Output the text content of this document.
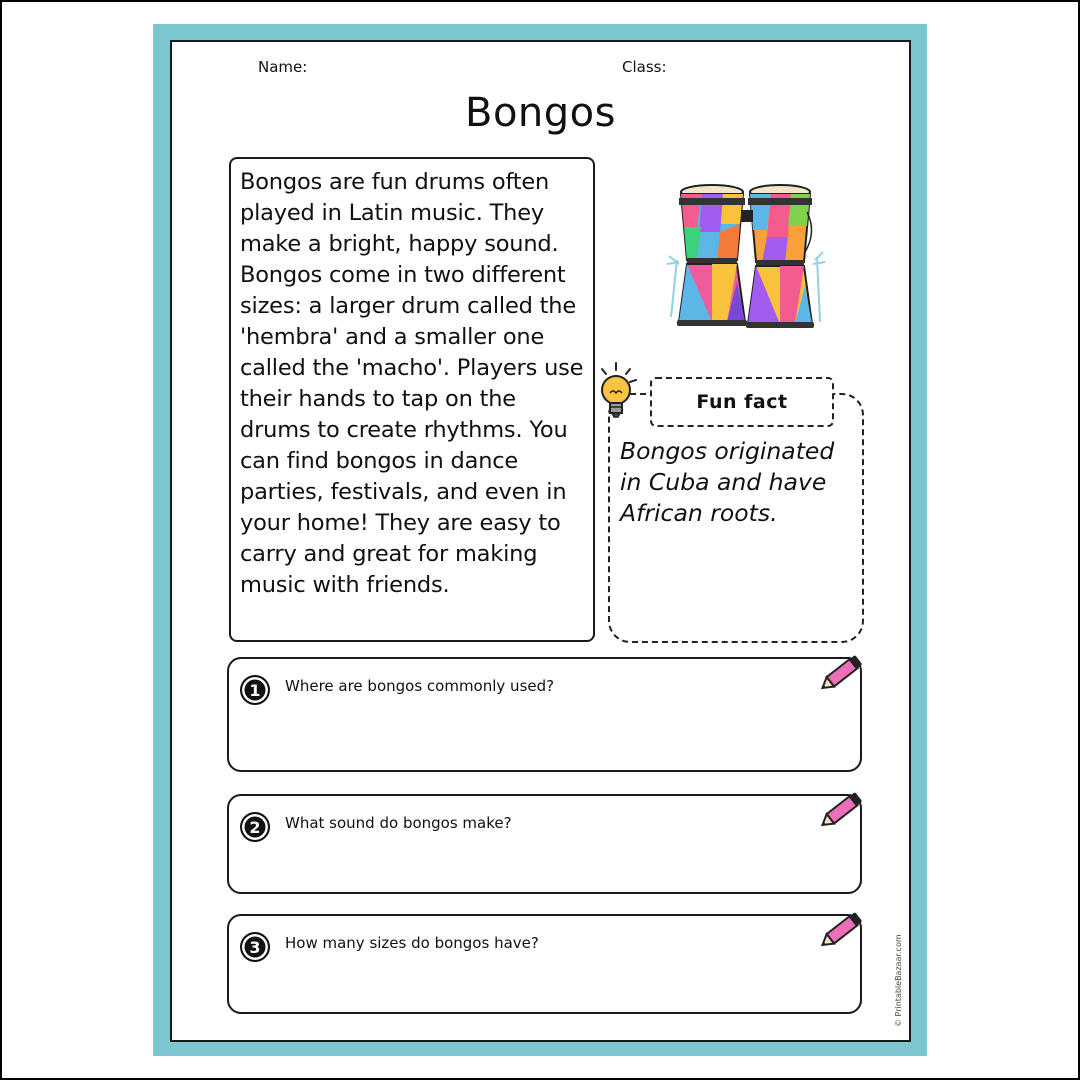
Name:	Class:
Bongos

Bongos are fun drums often played in Latin music. They make a bright, happy sound. Bongos come in two different sizes: a larger drum called the 'hembra' and a smaller one called the 'macho'. Players use their hands to tap on the drums to create rhythms. You can find bongos in dance parties, festivals, and even in your home! They are easy to carry and great for making music with friends.

Fun fact

Bongos originated in Cuba and have African roots.

1	Where are bongos commonly used?
2	What sound do bongos make?
3	How many sizes do bongos have?	© PrintableBazaar.com
